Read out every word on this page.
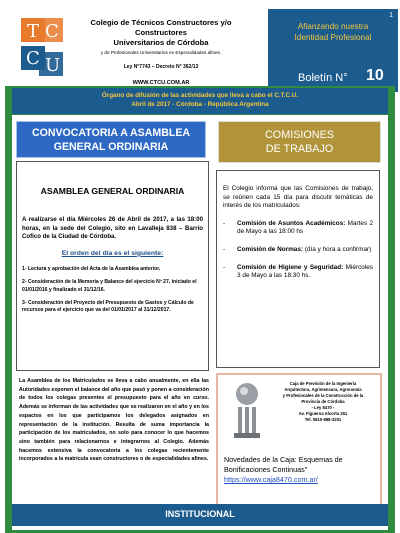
T C
C U
Colegio de Técnicos Constructores y/o Constructores
Universitarios de Córdoba
y de Profesionales Universitarios en Especialidades afines.
Ley N°7743 – Decreto N° 362/13
WWW.CTCU.COM.AR
1
Afianzando nuestra
Identidad Profesional
Boletín N° 10
Órgano de difusión de las actividades que lleva a cabo el C.T.C.U.
Abril de 2017 - Córdoba - República Argentina
CONVOCATORIA A ASAMBLEA
GENERAL ORDINARIA
ASAMBLEA GENERAL ORDINARIA
A realizarse el día Miércoles 26 de Abril de 2017, a las 18:00 horas, en la sede del Colegio, sito en Lavalleja 838 – Barrio Cofico de la Ciudad de Córdoba.
El orden del día es el siguiente:
1- Lectura y aprobación del Acta de la Asamblea anterior.
2- Consideración de la Memoria y Balance del ejercicio Nº 27, iniciado el 01/01/2016 y finalizado el 31/12/16.
3- Consideración del Proyecto del Presupuesto de Gastos y Cálculo de recursos para el ejercicio que va del 01/01/2017 al 31/12/2017.
La Asamblea de los Matriculados se lleva a cabo anualmente, en ella las Autoridades exponen el balance del año que pasó y ponen a consideración de todos los colegas presentes el presupuesto para el año en curso. Además se informan de las actividades que se realizaron en el año y en los espacios en los que participamos los delegados asignados en representación de la institución. Resulta de suma importancia la participación de los matriculados, no solo para conocer lo que hacemos sino también para relacionarnos e integrarnos al Colegio. Además hacemos extensiva la convocatoria a los colegas recientemente incorporados a la matrícula sean constructores o de especialidades afines.
COMISIONES
DE TRABAJO
El Colegio informa que las Comisiones de trabajo, se reúnen cada 15 día para discutir temáticas de interés de los matriculados:
-	Comisión de Asuntos Académicos: Martes 2 de Mayo a las 18:00 hs
-	Comisión de Normas: (día y hora a confirmar)
-	Comisión de Higiene y Seguridad: Miércoles 3 de Mayo a las 18:30 hs.
Caja de Previsión de la Ingeniería
Arquitectura, Agrimensura, Agronomía
y Profesionales de la Construcción de la
Provincia de Córdoba
- Ley 8470 -
Av. Figueroa Alcorta 261
Tel. 0810-888-3201
Novedades de la Caja: Esquemas de Bonificaciones Continuas" https://www.caja8470.com.ar/
INSTITUCIONAL
